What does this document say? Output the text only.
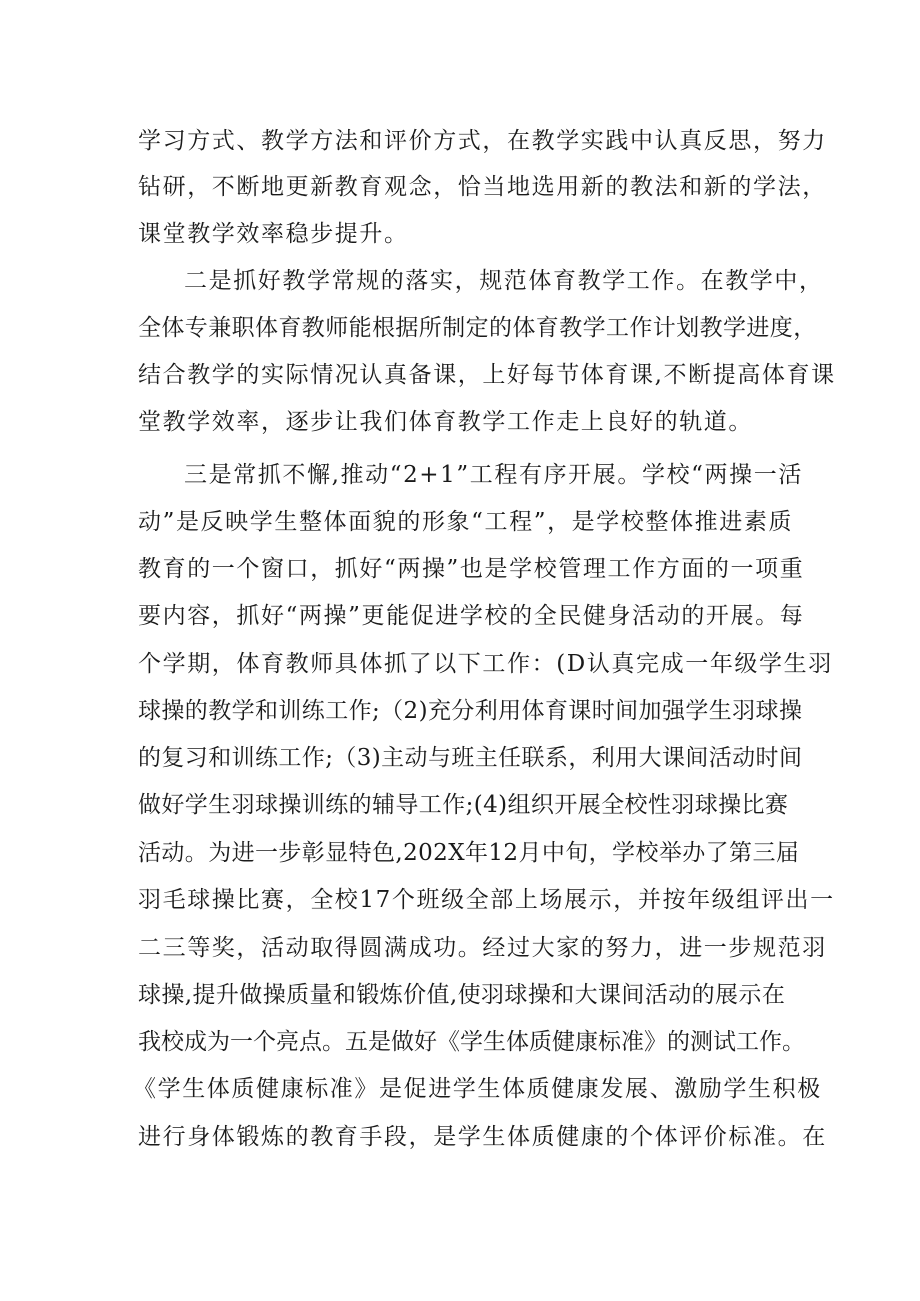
学习方式、教学方法和评价方式，在教学实践中认真反思，努力
钻研，不断地更新教育观念，恰当地选用新的教法和新的学法，
课堂教学效率稳步提升。
二是抓好教学常规的落实，规范体育教学工作。在教学中，
全体专兼职体育教师能根据所制定的体育教学工作计划教学进度，
结合教学的实际情况认真备课，上好每节体育课,不断提高体育课
堂教学效率，逐步让我们体育教学工作走上良好的轨道。
三是常抓不懈,推动“2+1”工程有序开展。学校“两操一活
动”是反映学生整体面貌的形象“工程”，是学校整体推进素质
教育的一个窗口，抓好“两操”也是学校管理工作方面的一项重
要内容，抓好“两操”更能促进学校的全民健身活动的开展。每
个学期，体育教师具体抓了以下工作：(D认真完成一年级学生羽
球操的教学和训练工作;（2)充分利用体育课时间加强学生羽球操
的复习和训练工作;（3)主动与班主任联系，利用大课间活动时间
做好学生羽球操训练的辅导工作;(4)组织开展全校性羽球操比赛
活动。为进一步彰显特色,202X年12月中旬，学校举办了第三届
羽毛球操比赛，全校17个班级全部上场展示，并按年级组评出一
二三等奖，活动取得圆满成功。经过大家的努力，进一步规范羽
球操,提升做操质量和锻炼价值,使羽球操和大课间活动的展示在
我校成为一个亮点。五是做好《学生体质健康标准》的测试工作。
《学生体质健康标准》是促进学生体质健康发展、激励学生积极
进行身体锻炼的教育手段，是学生体质健康的个体评价标准。在
